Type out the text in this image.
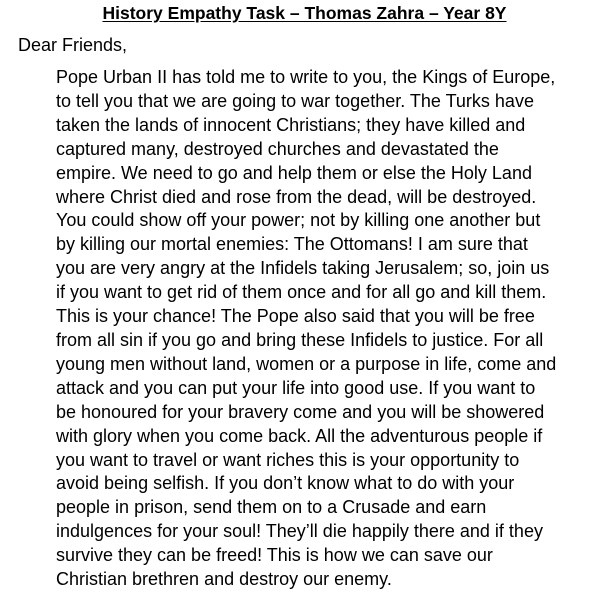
History Empathy Task – Thomas Zahra – Year 8Y
Dear Friends,
Pope Urban II has told me to write to you, the Kings of Europe,
to tell you that we are going to war together. The Turks have
taken the lands of innocent Christians; they have killed and
captured many, destroyed churches and devastated the
empire. We need to go and help them or else the Holy Land
where Christ died and rose from the dead, will be destroyed.
You could show off your power; not by killing one another but
by killing our mortal enemies: The Ottomans! I am sure that
you are very angry at the Infidels taking Jerusalem; so, join us
if you want to get rid of them once and for all go and kill them.
This is your chance! The Pope also said that you will be free
from all sin if you go and bring these Infidels to justice. For all
young men without land, women or a purpose in life, come and
attack and you can put your life into good use. If you want to
be honoured for your bravery come and you will be showered
with glory when you come back. All the adventurous people if
you want to travel or want riches this is your opportunity to
avoid being selfish. If you don’t know what to do with your
people in prison, send them on to a Crusade and earn
indulgences for your soul! They’ll die happily there and if they
survive they can be freed! This is how we can save our
Christian brethren and destroy our enemy.
